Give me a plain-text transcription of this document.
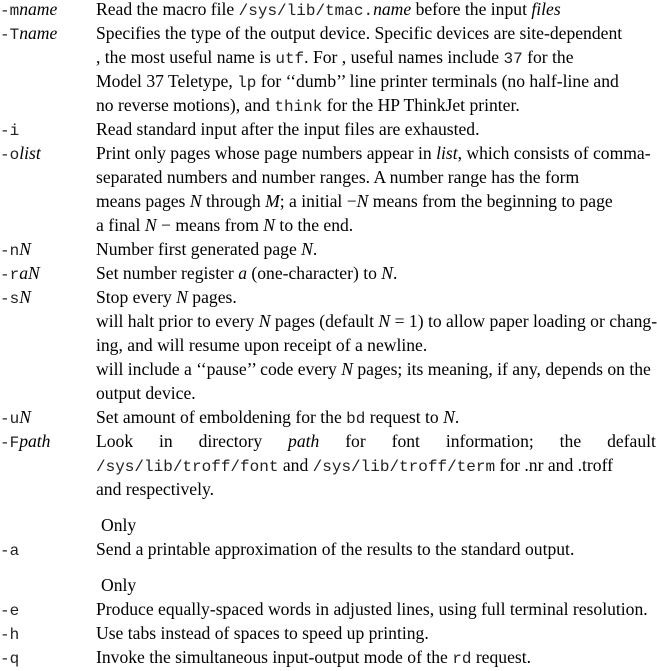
-mname Read the macro file /sys/lib/tmac.name before the input files
-Tname Specifies the type of the output device. Specific devices are site-dependent
, the most useful name is utf. For , useful names include 37 for the
Model 37 Teletype, lp for ‘‘dumb’’ line printer terminals (no half-line and
no reverse motions), and think for the HP ThinkJet printer.
-i	Read standard input after the input files are exhausted.
-olist	Print only pages whose page numbers appear in list, which consists of comma-
separated numbers and number ranges. A number range has the form
means pages N through M; a initial −N means from the beginning to page
a final N − means from N to the end.
-nN	Number first generated page N.
-raN	Set number register a (one-character) to N.
-sN	Stop every N pages.
will halt prior to every N pages (default N = 1) to allow paper loading or chang-
ing, and will resume upon receipt of a newline.
will include a ‘‘pause’’ code every N pages; its meaning, if any, depends on the
output device.
-uN	Set amount of emboldening for the bd request to N.
-Fpath	Look in directory path for font information; the default
/sys/lib/troff/font and /sys/lib/troff/term for .nr and .troff
and respectively.
Only
-a	Send a printable approximation of the results to the standard output.
Only
-e	Produce equally-spaced words in adjusted lines, using full terminal resolution.
-h	Use tabs instead of spaces to speed up printing.
-q	Invoke the simultaneous input-output mode of the rd request.
